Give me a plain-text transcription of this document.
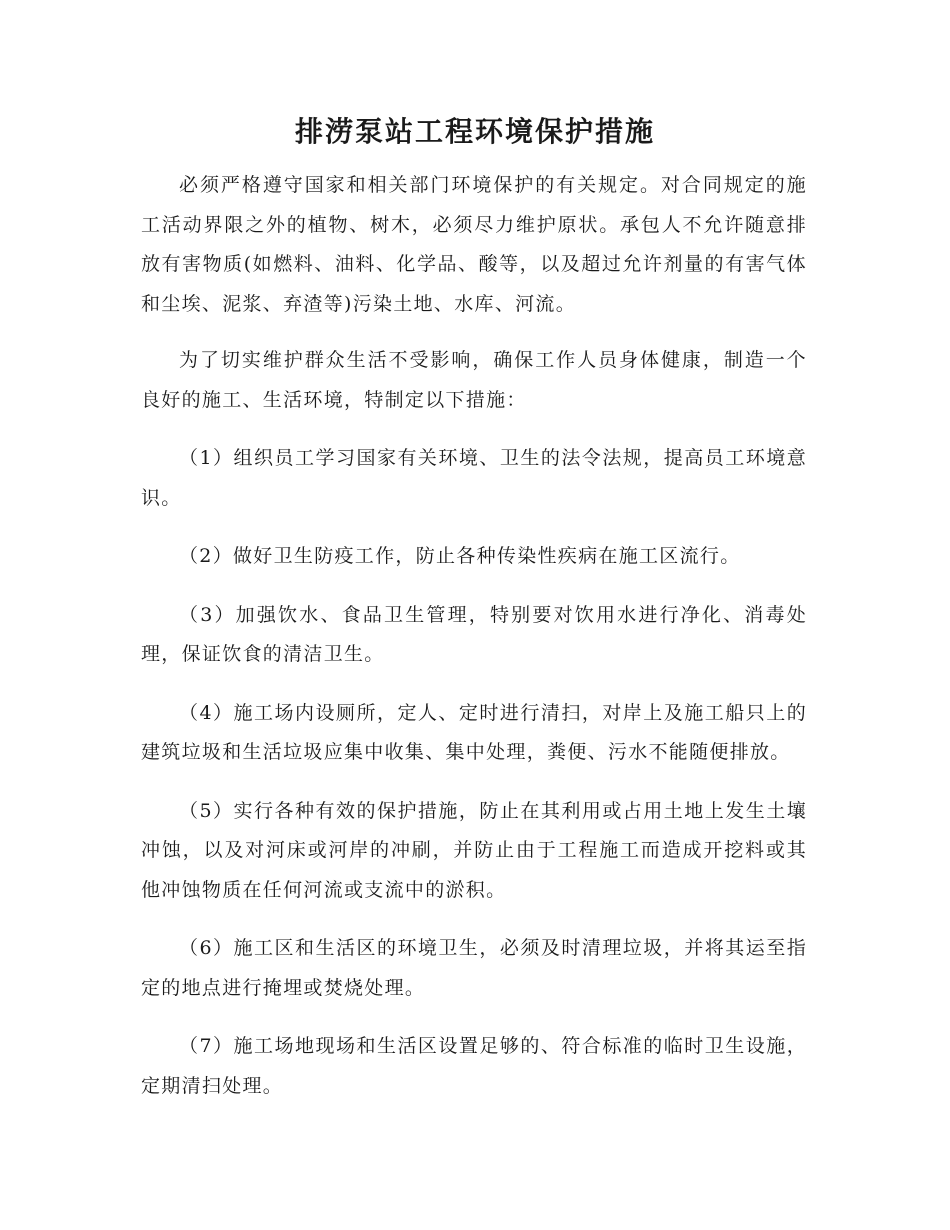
排涝泵站工程环境保护措施

必须严格遵守国家和相关部门环境保护的有关规定。对合同规定的施工活动界限之外的植物、树木，必须尽力维护原状。承包人不允许随意排放有害物质(如燃料、油料、化学品、酸等，以及超过允许剂量的有害气体和尘埃、泥浆、弃渣等)污染土地、水库、河流。

为了切实维护群众生活不受影响，确保工作人员身体健康，制造一个良好的施工、生活环境，特制定以下措施：

（1）组织员工学习国家有关环境、卫生的法令法规，提高员工环境意识。

（2）做好卫生防疫工作，防止各种传染性疾病在施工区流行。

（3）加强饮水、食品卫生管理，特别要对饮用水进行净化、消毒处理，保证饮食的清洁卫生。

（4）施工场内设厕所，定人、定时进行清扫，对岸上及施工船只上的建筑垃圾和生活垃圾应集中收集、集中处理，粪便、污水不能随便排放。

（5）实行各种有效的保护措施，防止在其利用或占用土地上发生土壤冲蚀，以及对河床或河岸的冲刷，并防止由于工程施工而造成开挖料或其他冲蚀物质在任何河流或支流中的淤积。

（6）施工区和生活区的环境卫生，必须及时清理垃圾，并将其运至指定的地点进行掩埋或焚烧处理。

（7）施工场地现场和生活区设置足够的、符合标准的临时卫生设施，定期清扫处理。
